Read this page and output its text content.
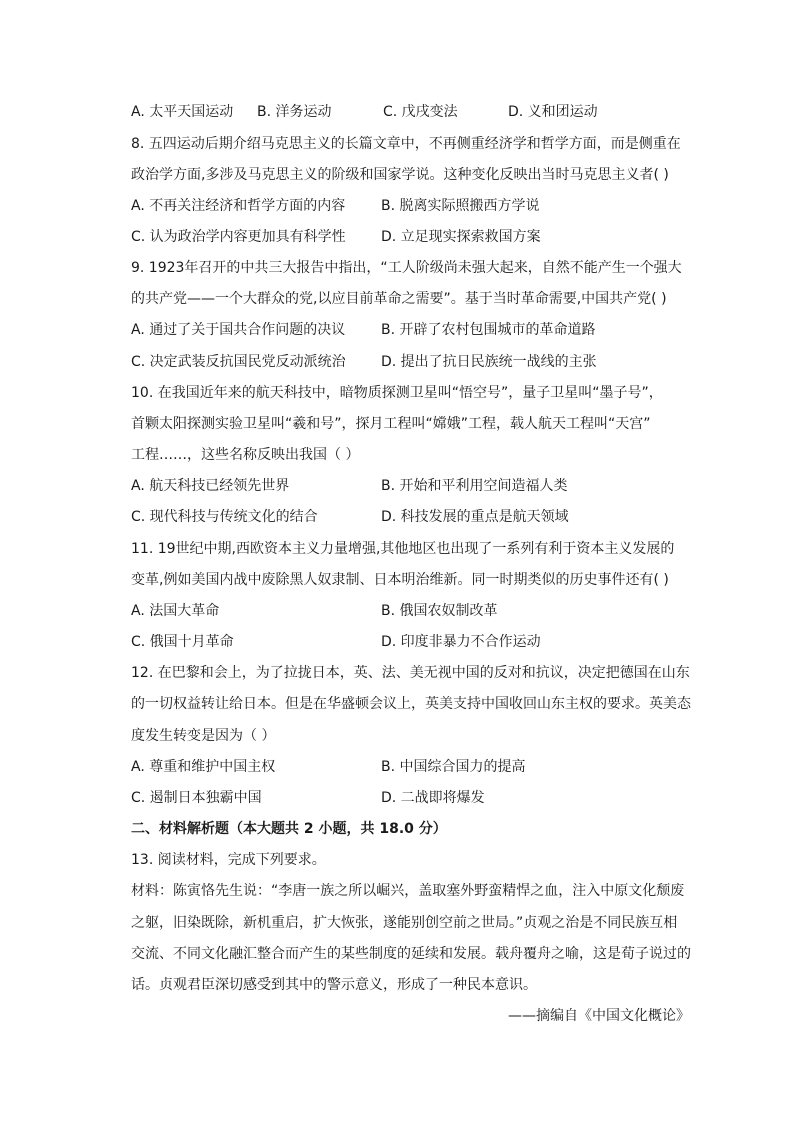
A. 太平天国运动 B. 洋务运动	C. 戊戌变法	D. 义和团运动
8. 五四运动后期介绍马克思主义的长篇文章中，不再侧重经济学和哲学方面，而是侧重在
政治学方面,多涉及马克思主义的阶级和国家学说。这种变化反映出当时马克思主义者( )
A. 不再关注经济和哲学方面的内容	B. 脱离实际照搬西方学说
C. 认为政治学内容更加具有科学性	D. 立足现实探索救国方案
9. 1923年召开的中共三大报告中指出，“工人阶级尚未强大起来，自然不能产生一个强大
的共产党——一个大群众的党,以应目前革命之需要”。基于当时革命需要,中国共产党( )
A. 通过了关于国共合作问题的决议	B. 开辟了农村包围城市的革命道路
C. 决定武装反抗国民党反动派统治	D. 提出了抗日民族统一战线的主张
10. 在我国近年来的航天科技中，暗物质探测卫星叫“悟空号”，量子卫星叫“墨子号”，
首颗太阳探测实验卫星叫“羲和号”，探月工程叫“嫦娥”工程，载人航天工程叫“天宫”
工程……，这些名称反映出我国（ ）
A. 航天科技已经领先世界	B. 开始和平利用空间造福人类
C. 现代科技与传统文化的结合	D. 科技发展的重点是航天领域
11. 19世纪中期,西欧资本主义力量增强,其他地区也出现了一系列有利于资本主义发展的
变革,例如美国内战中废除黑人奴隶制、日本明治维新。同一时期类似的历史事件还有( )
A. 法国大革命	B. 俄国农奴制改革
C. 俄国十月革命	D. 印度非暴力不合作运动
12. 在巴黎和会上，为了拉拢日本，英、法、美无视中国的反对和抗议，决定把德国在山东
的一切权益转让给日本。但是在华盛顿会议上，英美支持中国收回山东主权的要求。英美态
度发生转变是因为（ ）
A. 尊重和维护中国主权	B. 中国综合国力的提高
C. 遏制日本独霸中国	D. 二战即将爆发
二、材料解析题（本大题共 2 小题，共 18.0 分）
13. 阅读材料，完成下列要求。
材料：陈寅恪先生说：“李唐一族之所以崛兴，盖取塞外野蛮精悍之血，注入中原文化颓废
之躯，旧染既除，新机重启，扩大恢张，遂能别创空前之世局。”贞观之治是不同民族互相
交流、不同文化融汇整合而产生的某些制度的延续和发展。载舟覆舟之喻，这是荀子说过的
话。贞观君臣深切感受到其中的警示意义，形成了一种民本意识。
——摘编自《中国文化概论》
